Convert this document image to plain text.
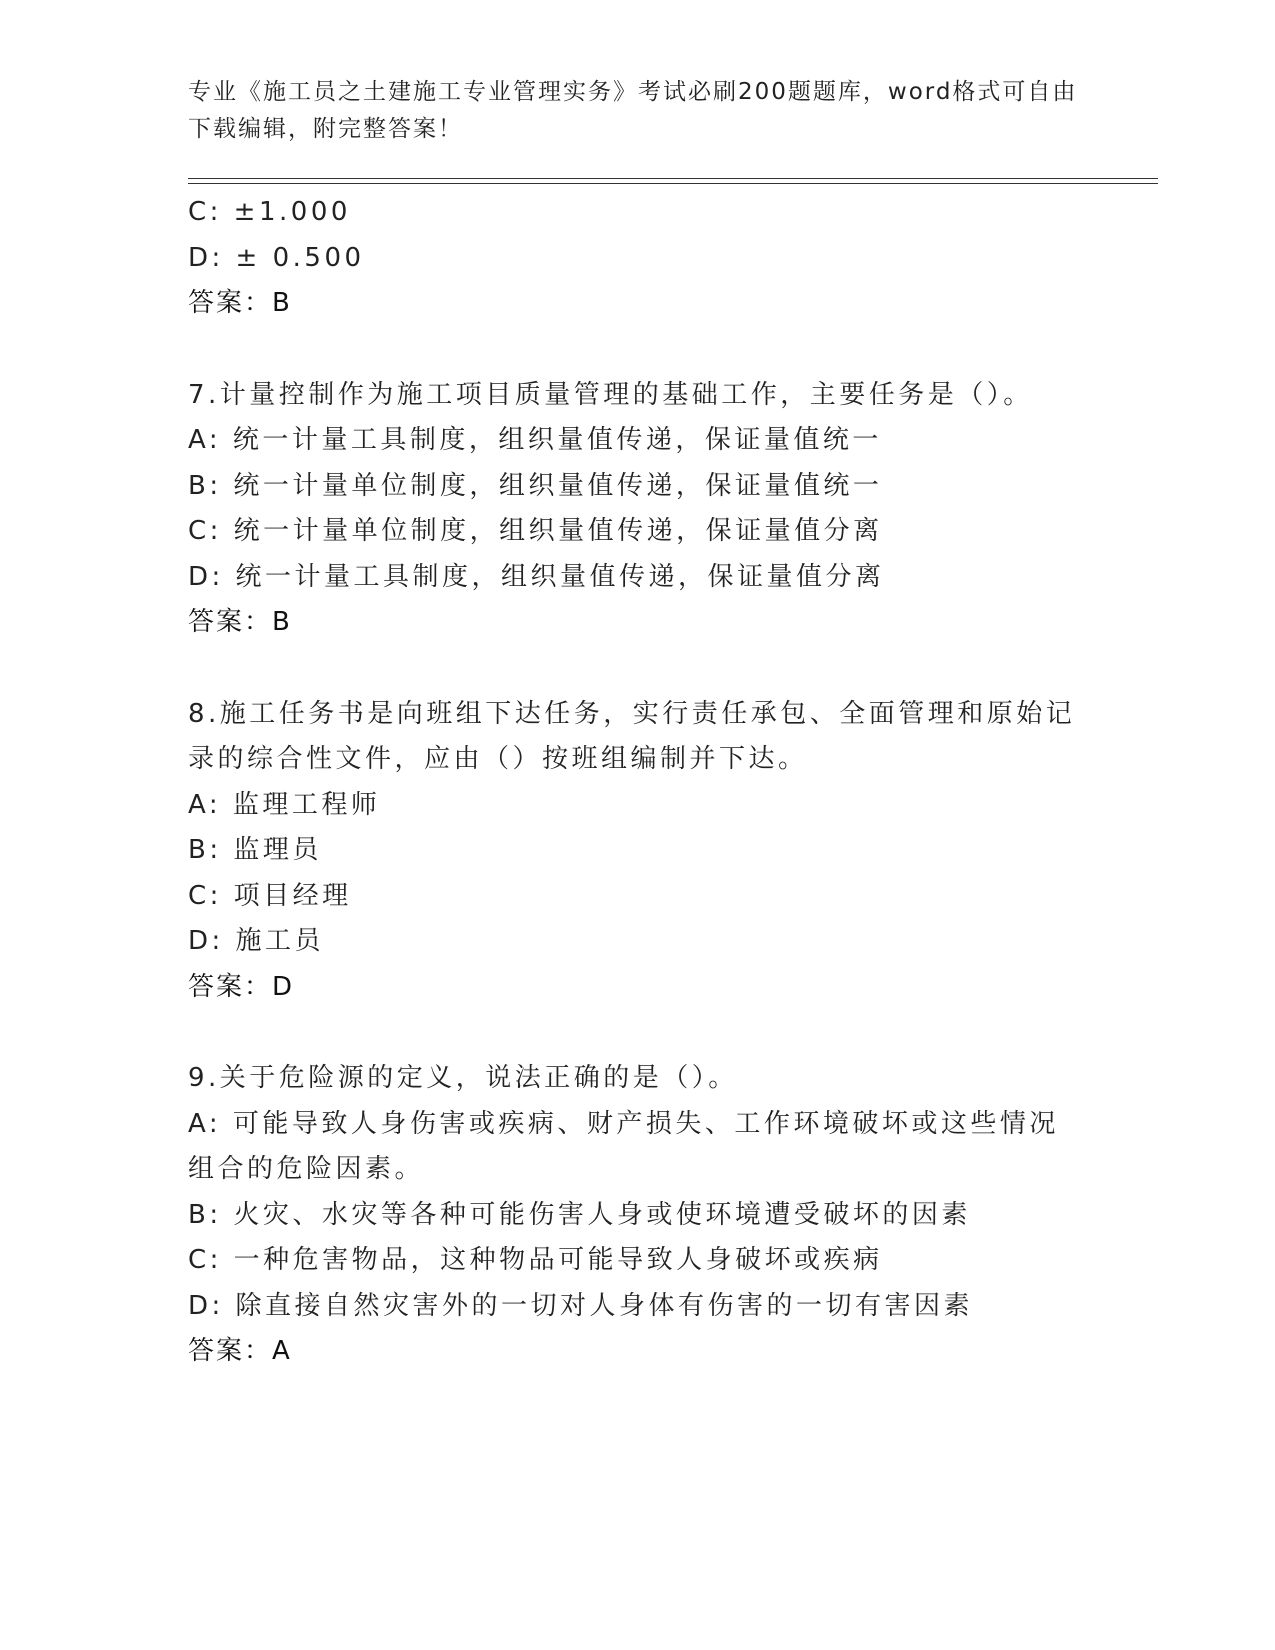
专业《施工员之土建施工专业管理实务》考试必刷200题题库，word格式可自由下载编辑，附完整答案！
C: ±1.000
D: ± 0.500
答案：B
7.计量控制作为施工项目质量管理的基础工作，主要任务是（）。
A: 统一计量工具制度，组织量值传递，保证量值统一
B: 统一计量单位制度，组织量值传递，保证量值统一
C: 统一计量单位制度，组织量值传递，保证量值分离
D: 统一计量工具制度，组织量值传递，保证量值分离
答案：B
8.施工任务书是向班组下达任务，实行责任承包、全面管理和原始记录的综合性文件，应由（）按班组编制并下达。
A: 监理工程师
B: 监理员
C: 项目经理
D: 施工员
答案：D
9.关于危险源的定义，说法正确的是（）。
A: 可能导致人身伤害或疾病、财产损失、工作环境破坏或这些情况组合的危险因素。
B: 火灾、水灾等各种可能伤害人身或使环境遭受破坏的因素
C: 一种危害物品，这种物品可能导致人身破坏或疾病
D: 除直接自然灾害外的一切对人身体有伤害的一切有害因素
答案：A
